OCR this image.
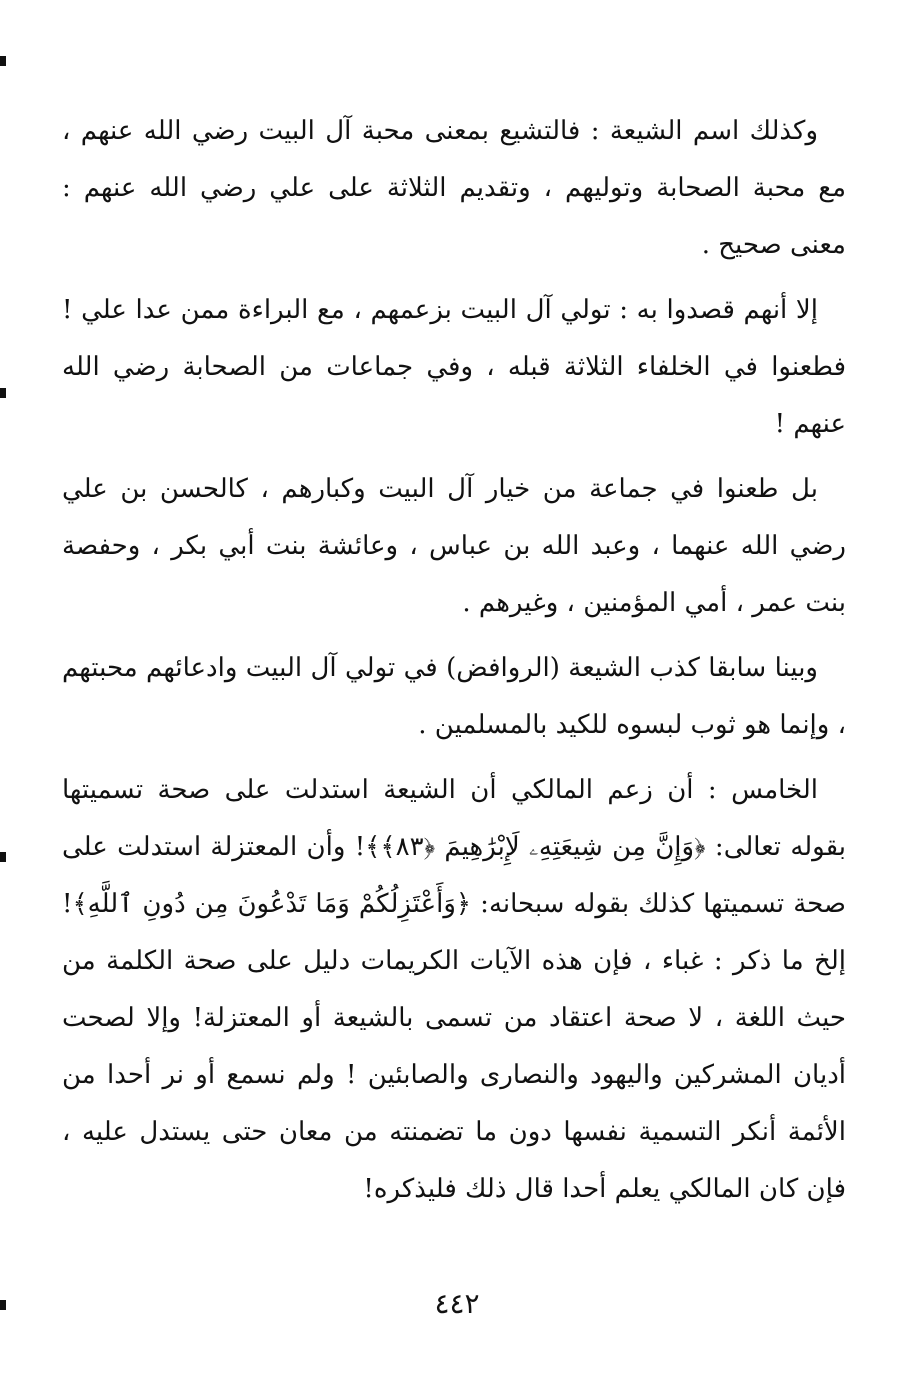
وكذلك اسم الشيعة : فالتشيع بمعنى محبة آل البيت رضي الله عنهم ، مع محبة الصحابة وتوليهم ، وتقديم الثلاثة على علي رضي الله عنهم : معنى صحيح .

إلا أنهم قصدوا به : تولي آل البيت بزعمهم ، مع البراءة ممن عدا علي ! فطعنوا في الخلفاء الثلاثة قبله ، وفي جماعات من الصحابة رضي الله عنهم !

بل طعنوا في جماعة من خيار آل البيت وكبارهم ، كالحسن بن علي رضي الله عنهما ، وعبد الله بن عباس ، وعائشة بنت أبي بكر ، وحفصة بنت عمر ، أمي المؤمنين ، وغيرهم .

وبينا سابقا كذب الشيعة (الروافض) في تولي آل البيت وادعائهم محبتهم ، وإنما هو ثوب لبسوه للكيد بالمسلمين .

الخامس : أن زعم المالكي أن الشيعة استدلت على صحة تسميتها بقوله تعالى: ﴿وَإِنَّ مِن شِيعَتِهِۦ لَإِبْرَٰهِيمَ ﴿٨٣﴾﴾! وأن المعتزلة استدلت على صحة تسميتها كذلك بقوله سبحانه: ﴿وَأَعْتَزِلُكُمْ وَمَا تَدْعُونَ مِن دُونِ ٱللَّهِ﴾! إلخ ما ذكر : غباء ، فإن هذه الآيات الكريمات دليل على صحة الكلمة من حيث اللغة ، لا صحة اعتقاد من تسمى بالشيعة أو المعتزلة! وإلا لصحت أديان المشركين واليهود والنصارى والصابئين ! ولم نسمع أو نر أحدا من الأئمة أنكر التسمية نفسها دون ما تضمنته من معان حتى يستدل عليه ، فإن كان المالكي يعلم أحدا قال ذلك فليذكره!

٤٤٢
